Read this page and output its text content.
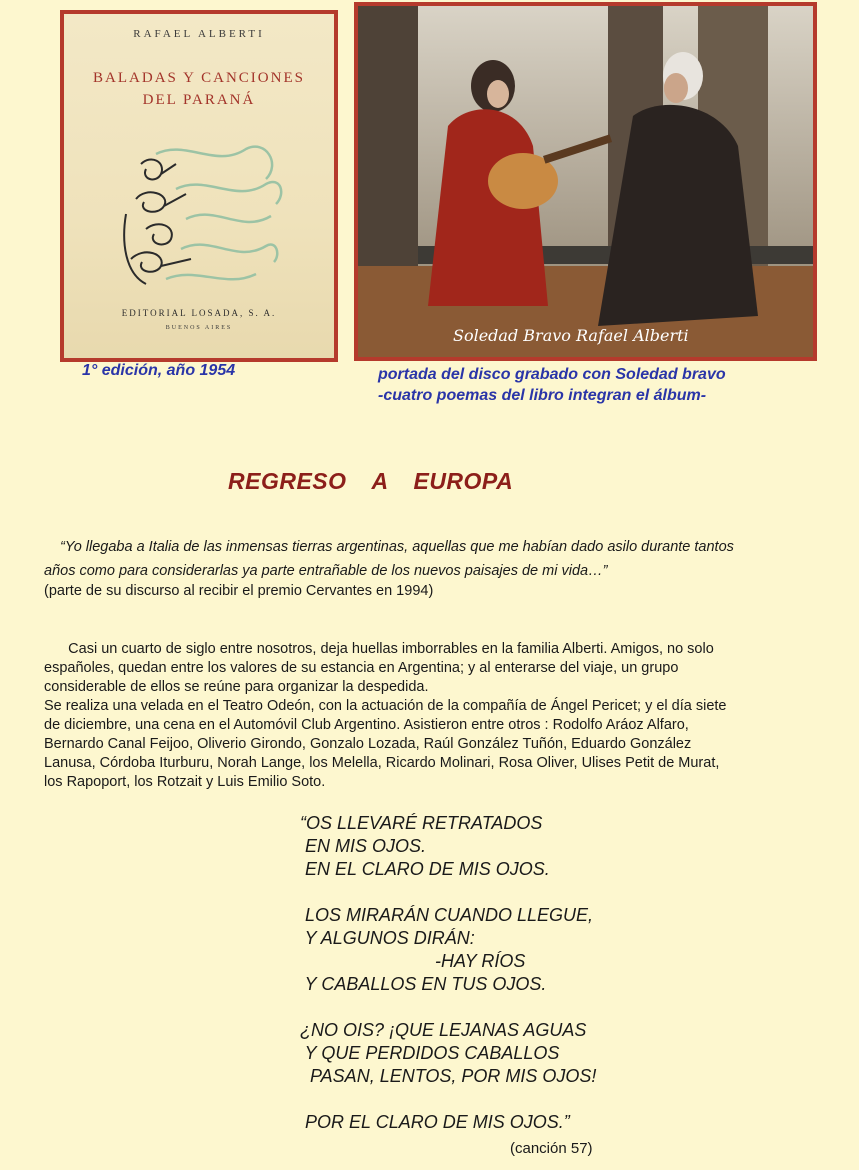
RAFAEL ALBERTI
BALADAS Y CANCIONES
DEL PARANÁ
EDITORIAL LOSADA, S. A.
BUENOS AIRES	Soledad Bravo Rafael Alberti
1° edición, año 1954	portada del disco grabado con Soledad bravo
-cuatro poemas del libro integran el álbum-
REGRESO  A  EUROPA
“Yo llegaba a Italia de las inmensas tierras argentinas, aquellas que me habían dado asilo durante tantos
años como para considerarlas ya parte entrañable de los nuevos paisajes de mi vida…”
(parte de su discurso al recibir el premio Cervantes en 1994)
Casi un cuarto de siglo entre nosotros, deja huellas imborrables en la familia Alberti. Amigos, no solo
españoles, quedan entre los valores de su estancia en Argentina; y al enterarse del viaje, un grupo
considerable de ellos se reúne para organizar la despedida.
Se realiza una velada en el Teatro Odeón, con la actuación de la compañía de Ángel Pericet; y el día siete
de diciembre, una cena en el Automóvil Club Argentino. Asistieron entre otros : Rodolfo Aráoz Alfaro,
Bernardo Canal Feijoo, Oliverio Girondo, Gonzalo Lozada, Raúl González Tuñón, Eduardo González
Lanusa, Córdoba Iturburu, Norah Lange, los Melella, Ricardo Molinari, Rosa Oliver, Ulises Petit de Murat,
los Rapoport, los Rotzait y Luis Emilio Soto.
“OS LLEVARÉ RETRATADOS
EN MIS OJOS.
EN EL CLARO DE MIS OJOS.
LOS MIRARÁN CUANDO LLEGUE,
Y ALGUNOS DIRÁN:
-HAY RÍOS
Y CABALLOS EN TUS OJOS.
¿NO OIS? ¡QUE LEJANAS AGUAS
Y QUE PERDIDOS CABALLOS
PASAN, LENTOS, POR MIS OJOS!
POR EL CLARO DE MIS OJOS.”
(canción 57)
